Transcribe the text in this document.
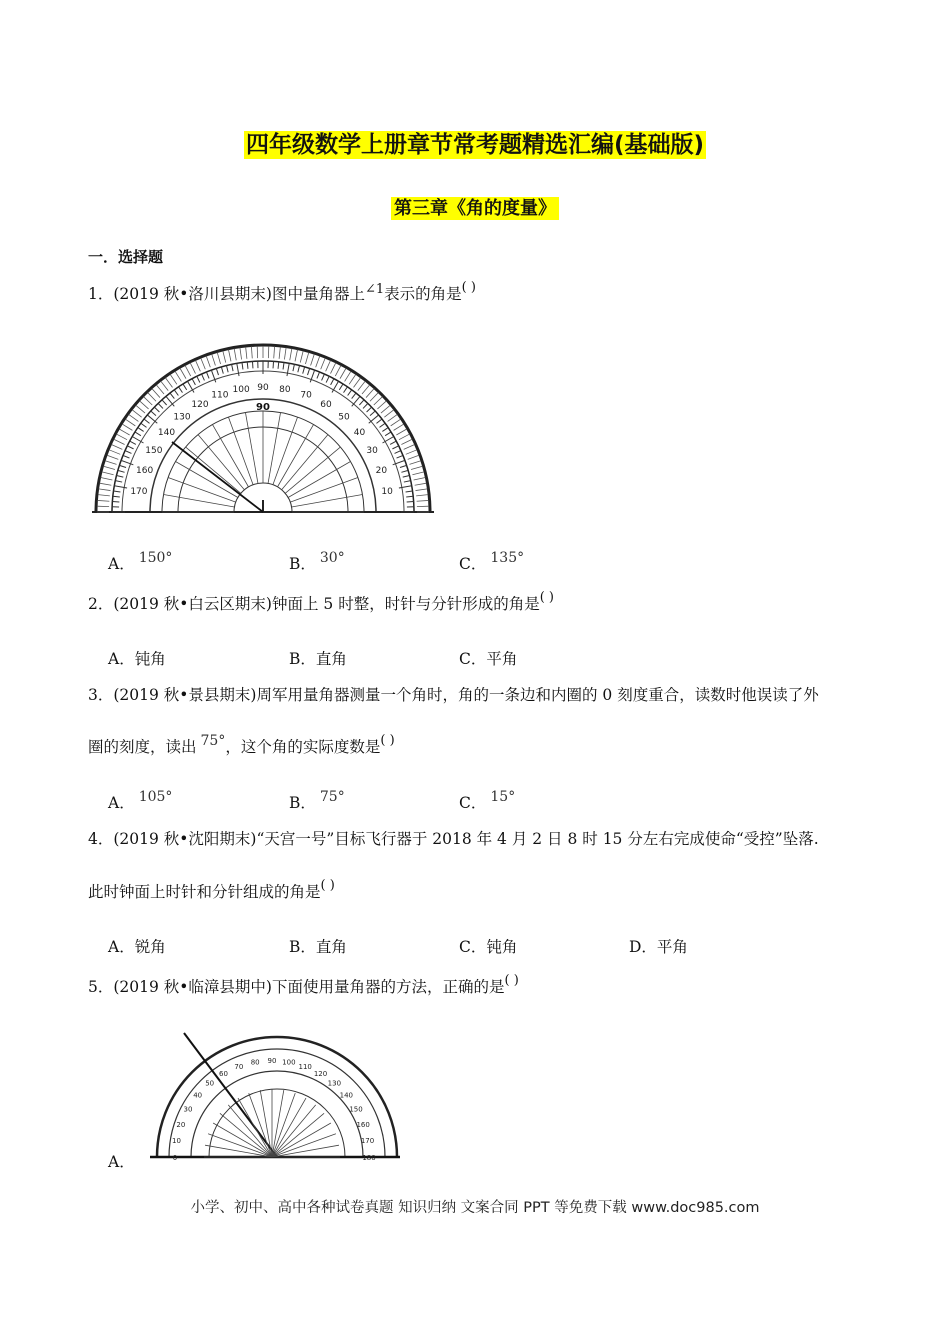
四年级数学上册章节常考题精选汇编(基础版)
第三章《角的度量》
一．选择题
1．(2019 秋•洛川县期末)图中量角器上$^{\angle 1}$表示的角是( )
10
20
30
40
50
60
70
80
90
100
110
120
130
140
150
160
170
90
A． 150°	B． 30°	C． 135°
2．(2019 秋•白云区期末)钟面上 5 时整，时针与分针形成的角是( )
A．钝角	B．直角	C．平角
3．(2019 秋•景县期末)周军用量角器测量一个角时，角的一条边和内圈的 0 刻度重合，读数时他误读了外
圈的刻度，读出 75°，这个角的实际度数是( )
A． 105°	B． 75°	C． 15°
4．(2019 秋•沈阳期末)“天宫一号”目标飞行器于 2018 年 4 月 2 日 8 时 15 分左右完成使命“受控”坠落.
此时钟面上时针和分针组成的角是( )
A．锐角	B．直角	C．钝角	D．平角
5．(2019 秋•临漳县期中)下面使用量角器的方法，正确的是( )
0
10
20
30
40
50
60
70
80 90 100
110
120
130
140
150
160
170
180
A．
小学、初中、高中各种试卷真题 知识归纳 文案合同 PPT 等免费下载 www.doc985.com
